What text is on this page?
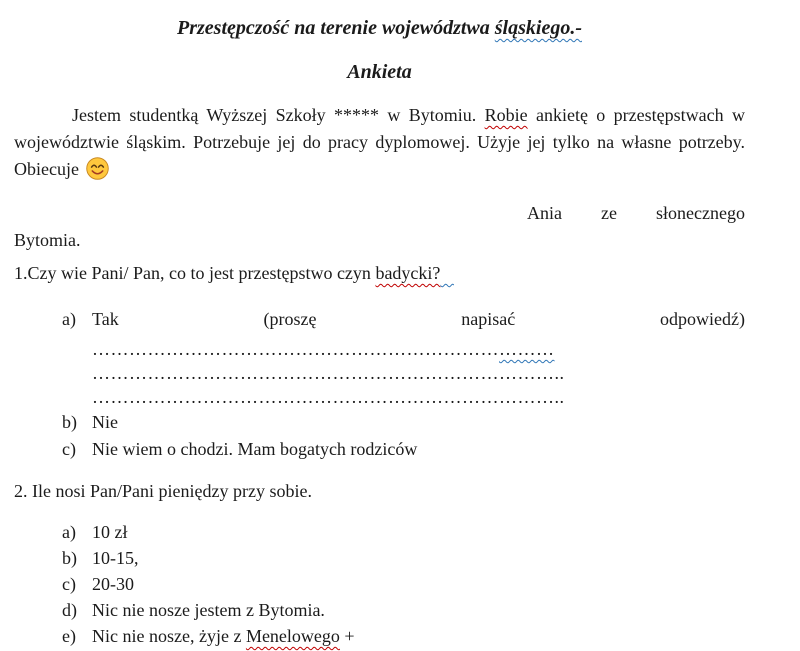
Przestępczość na terenie województwa śląskiego.-
Ankieta

Jestem studentką Wyższej Szkoły ***** w Bytomiu. Robie ankietę o przestępstwach w województwie śląskim. Potrzebuje jej do pracy dyplomowej. Użyje jej tylko na własne potrzeby. Obiecuje

Ania ze słonecznego
Bytomia.

1.Czy wie Pani/ Pan, co to jest przestępstwo czyn badycki?

a) Tak	(proszę	napisać	odpowiedź)
…………………………………………………………………
…………………………………………………………………..
…………………………………………………………………..
b) Nie
c) Nie wiem o chodzi. Mam bogatych rodziców

2. Ile nosi Pan/Pani pieniędzy przy sobie.

a) 10 zł
b) 10-15,
c) 20-30
d) Nic nie nosze jestem z Bytomia.
e) Nic nie nosze, żyje z Menelowego +
